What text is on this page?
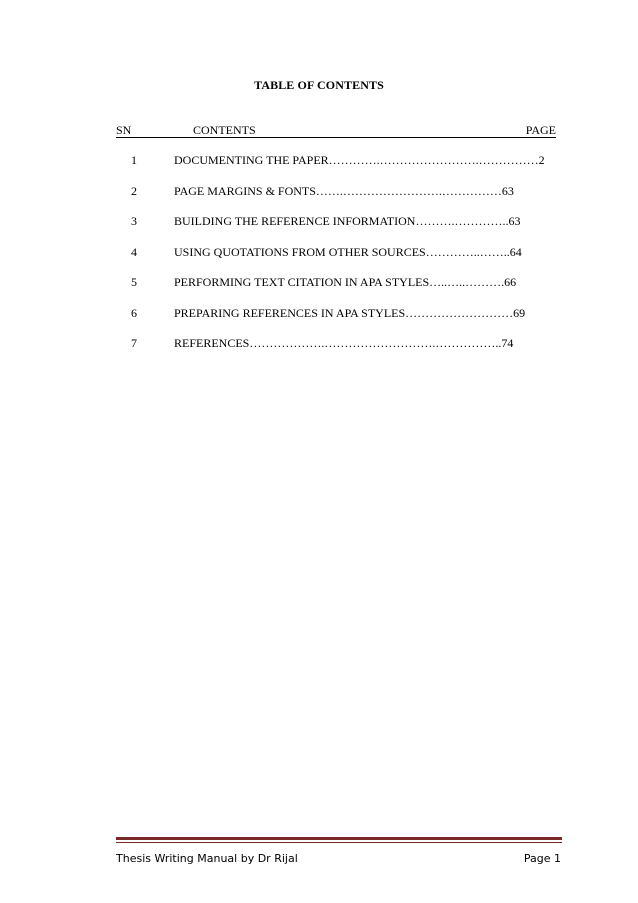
TABLE OF CONTENTS
SN	CONTENTS	PAGE
1	DOCUMENTING THE PAPER………….…………………….……………2
2	PAGE MARGINS & FONTS…….…………………….……………63
3	BUILDING THE REFERENCE INFORMATION……….…………..63
4	USING QUOTATIONS FROM OTHER SOURCES…………..……..64
5	PERFORMING TEXT CITATION IN APA STYLES…..…..……….66
6	PREPARING REFERENCES IN APA STYLES………………………69
7	REFERENCES……………….……………………….……………..74
Thesis Writing Manual by Dr Rijal	Page 1
